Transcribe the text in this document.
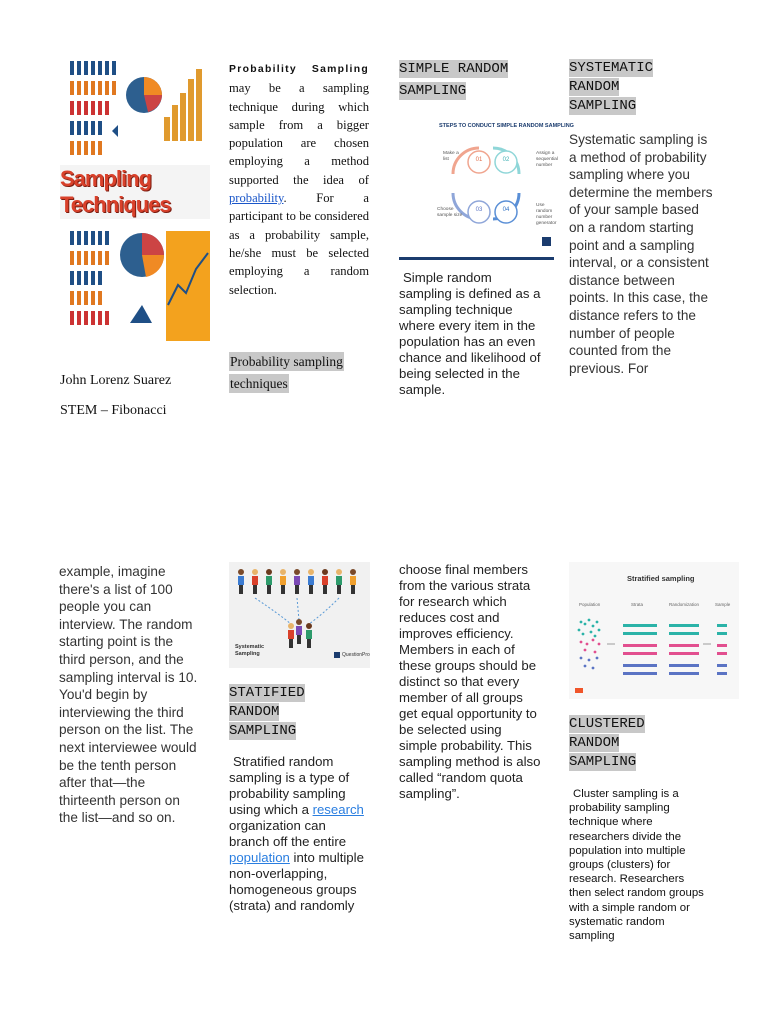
Sampling Techniques
John Lorenz Suarez
STEM – Fibonacci
Probability Sampling may be a sampling technique during which sample from a bigger population are chosen employing a method supported the idea of probability. For a participant to be considered as a probability sample, he/she must be selected employing a random selection.
Probability sampling techniques
SIMPLE RANDOM SAMPLING
STEPS TO CONDUCT SIMPLE RANDOM SAMPLING
01	02
03	04
Make a list
Assign a sequential number
Choose sample size
Use random number generator
Simple random sampling is defined as a sampling technique where every item in the population has an even chance and likelihood of being selected in the sample.
SYSTEMATIC RANDOM SAMPLING
Systematic sampling is a method of probability sampling where you determine the members of your sample based on a random starting point and a sampling interval, or a consistent distance between points. In this case, the distance refers to the number of people counted from the previous. For
example, imagine there's a list of 100 people you can interview. The random starting point is the third person, and the sampling interval is 10. You'd begin by interviewing the third person on the list. The next interviewee would be the tenth person after that—the thirteenth person on the list—and so on.
Systematic Sampling	QuestionPro
STATIFIED RANDOM SAMPLING
Stratified random sampling is a type of probability sampling using which a research organization can branch off the entire population into multiple non-overlapping, homogeneous groups (strata) and randomly
choose final members from the various strata for research which reduces cost and improves efficiency. Members in each of these groups should be distinct so that every member of all groups get equal opportunity to be selected using simple probability. This sampling method is also called “random quota sampling”.
Stratified sampling
Population	Strata	Randomization	Sample
CLUSTERED RANDOM SAMPLING
Cluster sampling is a probability sampling technique where researchers divide the population into multiple groups (clusters) for research. Researchers then select random groups with a simple random or systematic random sampling
